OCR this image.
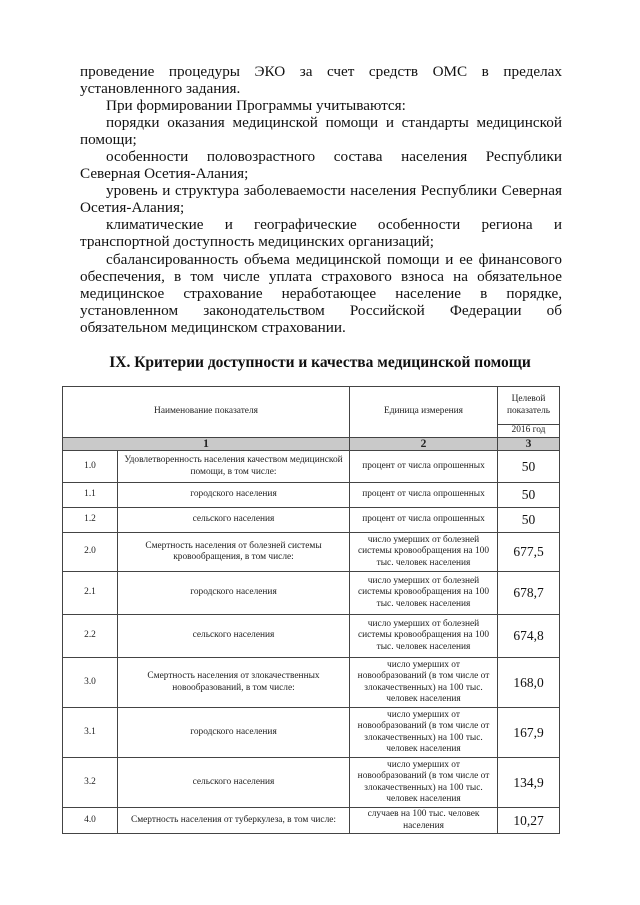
проведение процедуры ЭКО за счет средств ОМС в пределах установленного задания.

При формировании Программы учитываются:

порядки оказания медицинской помощи и стандарты медицинской помощи;

особенности половозрастного состава населения Республики Северная Осетия-Алания;

уровень и структура заболеваемости населения Республики Северная Осетия-Алания;

климатические и географические особенности региона и транспортной доступность медицинских организаций;

сбалансированность объема медицинской помощи и ее финансового обеспечения, в том числе уплата страхового взноса на обязательное медицинское страхование неработающее население в порядке, установленном законодательством Российской Федерации об обязательном медицинском страховании.

IX. Критерии доступности и качества медицинской помощи
Наименование показателя		Единица измерения	Целевой показатель
			2016 год
1		2	3
1.0	Удовлетворенность населения качеством медицинской помощи, в том числе:	процент от числа опрошенных	50
1.1	городского населения	процент от числа опрошенных	50
1.2	сельского населения	процент от числа опрошенных	50
2.0	Смертность населения от болезней системы кровообращения, в том числе:	число умерших от болезней системы кровообращения на 100 тыс. человек населения	677,5
2.1	городского населения	число умерших от болезней системы кровообращения на 100 тыс. человек населения	678,7
2.2	сельского населения	число умерших от болезней системы кровообращения на 100 тыс. человек населения	674,8
3.0	Смертность населения от злокачественных новообразований, в том числе:	число умерших от новообразований (в том числе от злокачественных) на 100 тыс. человек населения	168,0
3.1	городского населения	число умерших от новообразований (в том числе от злокачественных) на 100 тыс. человек населения	167,9
3.2	сельского населения	число умерших от новообразований (в том числе от злокачественных) на 100 тыс. человек населения	134,9
4.0	Смертность населения от туберкулеза, в том числе:	случаев на 100 тыс. человек населения	10,27
